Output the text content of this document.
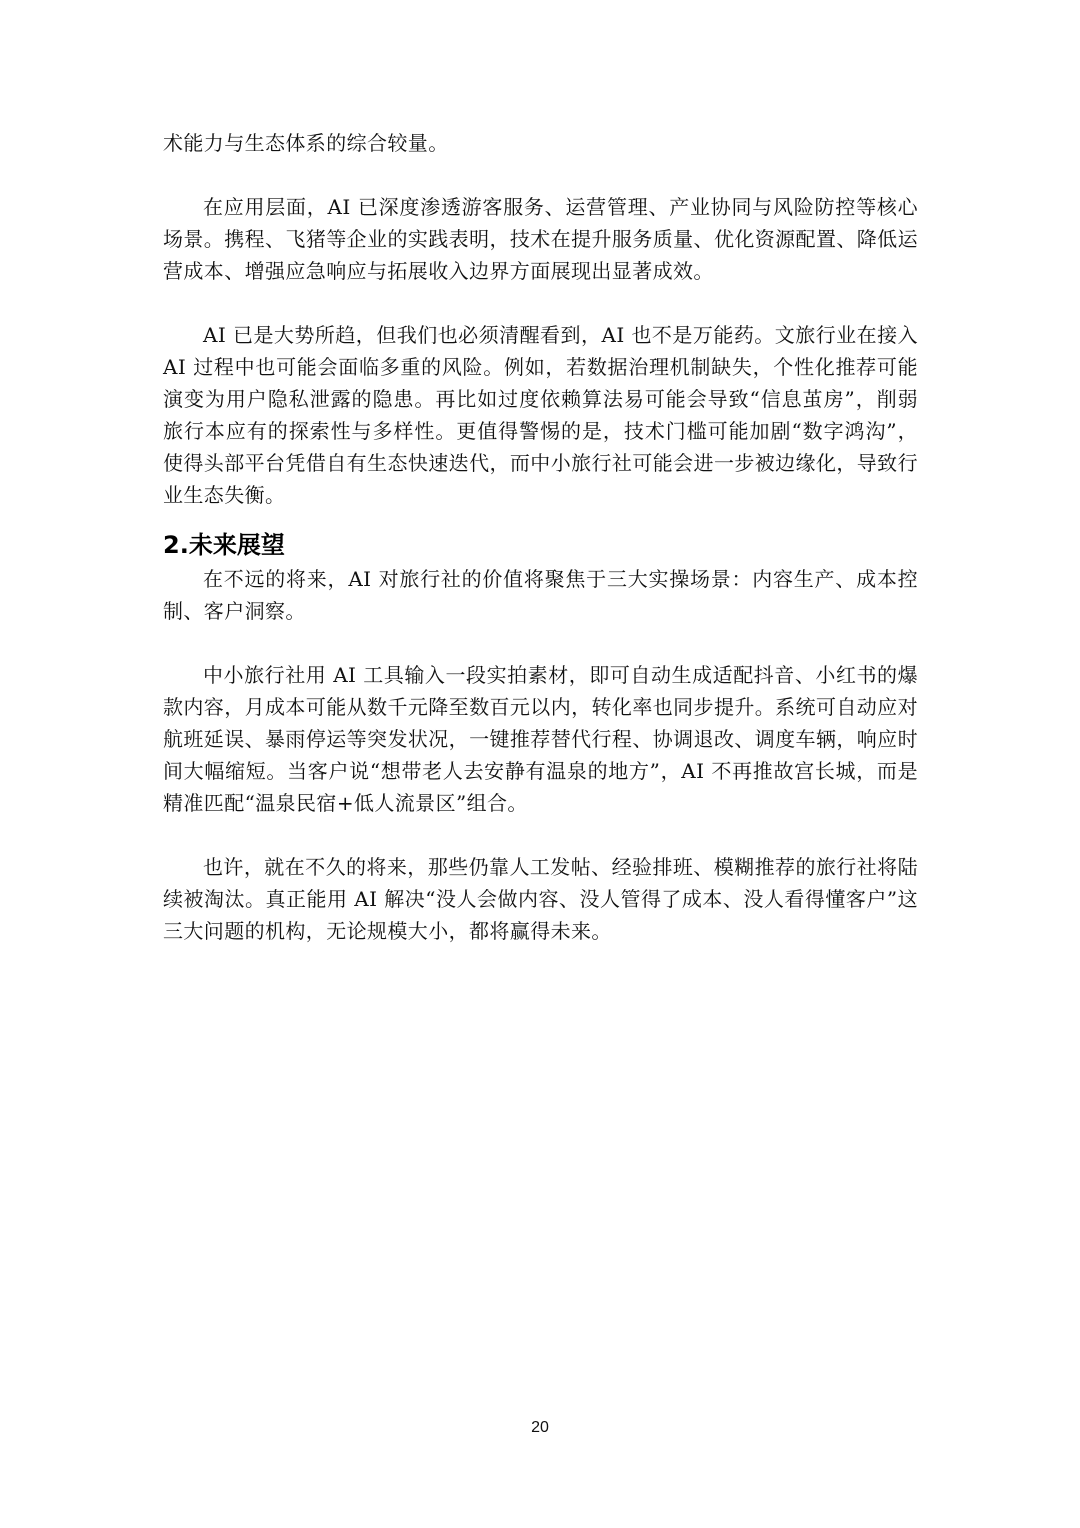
术能力与生态体系的综合较量。

在应用层面，AI 已深度渗透游客服务、运营管理、产业协同与风险防控等核心场景。携程、飞猪等企业的实践表明，技术在提升服务质量、优化资源配置、降低运营成本、增强应急响应与拓展收入边界方面展现出显著成效。

AI 已是大势所趋，但我们也必须清醒看到，AI 也不是万能药。文旅行业在接入 AI 过程中也可能会面临多重的风险。例如，若数据治理机制缺失，个性化推荐可能演变为用户隐私泄露的隐患。再比如过度依赖算法易可能会导致“信息茧房”，削弱旅行本应有的探索性与多样性。更值得警惕的是，技术门槛可能加剧“数字鸿沟”，使得头部平台凭借自有生态快速迭代，而中小旅行社可能会进一步被边缘化，导致行业生态失衡。

2.未来展望

在不远的将来，AI 对旅行社的价值将聚焦于三大实操场景：内容生产、成本控制、客户洞察。

中小旅行社用 AI 工具输入一段实拍素材，即可自动生成适配抖音、小红书的爆款内容，月成本可能从数千元降至数百元以内，转化率也同步提升。系统可自动应对航班延误、暴雨停运等突发状况，一键推荐替代行程、协调退改、调度车辆，响应时间大幅缩短。当客户说“想带老人去安静有温泉的地方”，AI 不再推故宫长城，而是精准匹配“温泉民宿+低人流景区”组合。

也许，就在不久的将来，那些仍靠人工发帖、经验排班、模糊推荐的旅行社将陆续被淘汰。真正能用 AI 解决“没人会做内容、没人管得了成本、没人看得懂客户”这三大问题的机构，无论规模大小，都将赢得未来。

20
